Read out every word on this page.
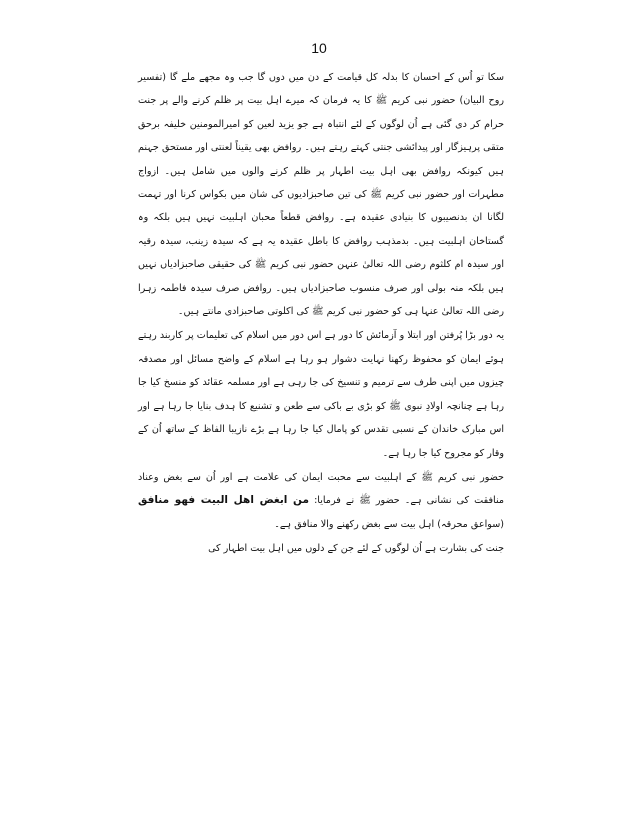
10

سکا تو اُس کے احسان کا بدلہ کل قیامت کے دن میں دوں گا جب وہ مجھے ملے گا (تفسیر روح البیان) حضور نبی کریم ﷺ کا یہ فرمان کہ میرے اہل بیت پر ظلم کرنے والے پر جنت حرام کر دی گئی ہے اُن لوگوں کے لئے انتباہ ہے جو یزید لعین کو امیرالمومنین خلیفہ برحق متقی پرہیزگار اور پیدائشی جنتی کہتے رہتے ہیں۔ روافض بھی یقیناً لعنتی اور مستحق جہنم ہیں کیونکہ روافض بھی اہل بیت اطہار پر ظلم کرنے والوں میں شامل ہیں۔ ازواج مطہرات اور حضور نبی کریم ﷺ کی تین صاحبزادیوں کی شان میں بکواس کرنا اور تہمت لگانا ان بدنصیبوں کا بنیادی عقیدہ ہے۔ روافض قطعاً محبان اہلبیت نہیں ہیں بلکہ وہ گستاخان اہلبیت ہیں۔ بدمذہب روافض کا باطل عقیدہ یہ ہے کہ سیدہ زینب، سیدہ رقیہ اور سیدہ ام کلثوم رضی اللہ تعالیٰ عنہن حضور نبی کریم ﷺ کی حقیقی صاحبزادیاں نہیں ہیں بلکہ منہ بولی اور صرف منسوب صاحبزادیاں ہیں۔ روافض صرف سیدہ فاطمہ زہرا رضی اللہ تعالیٰ عنہا ہی کو حضور نبی کریم ﷺ کی اکلوتی صاحبزادی مانتے ہیں۔

یہ دور بڑا پُرفتن اور ابتلا و آزمائش کا دور ہے اس دور میں اسلام کی تعلیمات پر کاربند رہتے ہوئے ایمان کو محفوظ رکھنا نہایت دشوار ہو رہا ہے اسلام کے واضح مسائل اور مصدقہ چیزوں میں اپنی طرف سے ترمیم و تنسیخ کی جا رہی ہے اور مسلمہ عقائد کو منسخ کیا جا رہا ہے چنانچہ اولادِ نبوی ﷺ کو بڑی بے باکی سے طعن و تشنیع کا ہدف بنایا جا رہا ہے اور اس مبارک خاندان کے نسبی تقدس کو پامال کیا جا رہا ہے بڑے نازیبا الفاظ کے ساتھ اُن کے وقار کو مجروح کیا جا رہا ہے۔

حضور نبی کریم ﷺ کے اہلبیت سے محبت ایمان کی علامت ہے اور اُن سے بغض وعناد منافقت کی نشانی ہے۔ حضور ﷺ نے فرمایا: من ابغض اهل البيت فهو منافق (سواعق محرقہ) اہل بیت سے بغض رکھنے والا منافق ہے۔

جنت کی بشارت ہے اُن لوگوں کے لئے جن کے دلوں میں اہل بیت اطہار کی
